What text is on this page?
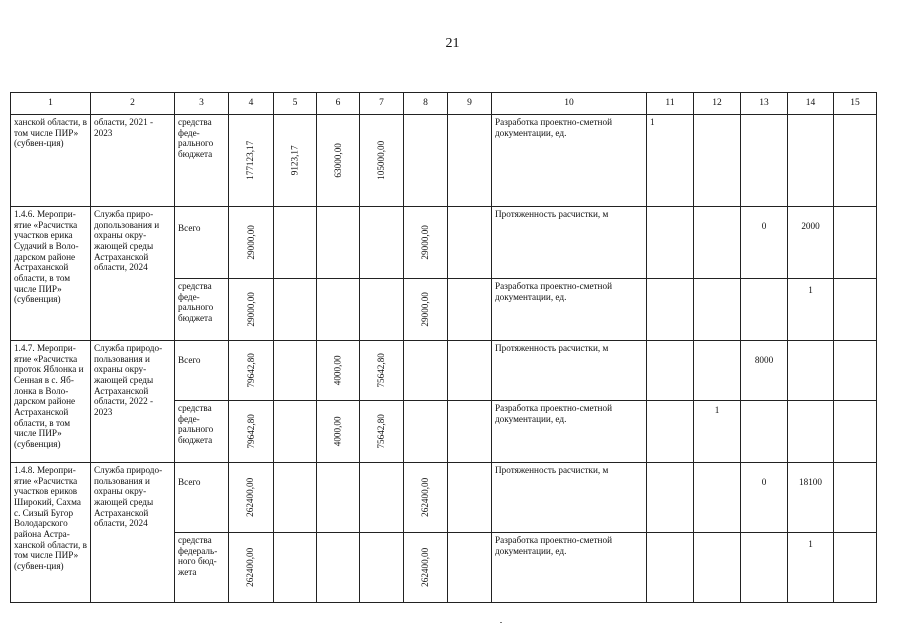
21
1	2	3	4	5	6	7	8	9	10	11	12	13	14	15
ханской области, в том числе ПИР» (субвен-ция)	области, 2021 - 2023	средства феде-рального бюджета	177123,17	9123,17	63000,00	105000,00			Разработка проектно-сметной документации, ед.	1				
1.4.6. Меропри-ятие «Расчистка участков ерика Судачий в Воло-дарском районе Астраханской области, в том числе ПИР» (субвенция)	Служба приро-допользования и охраны окру-жающей среды Астраханской области, 2024	Всего	29000,00				29000,00		Протяженность расчистки, м			0	2000	
		средства феде-рального бюджета	29000,00				29000,00		Разработка проектно-сметной документации, ед.				1	
1.4.7. Меропри-ятие «Расчистка проток Яблонка и Сенная в с. Яб-лонка в Воло-дарском районе Астраханской области, в том числе ПИР» (субвенция)	Служба природо-пользования и охраны окру-жающей среды Астраханской области, 2022 - 2023	Всего	79642,80		4000,00	75642,80			Протяженность расчистки, м			8000		
		средства феде-рального бюджета	79642,80		4000,00	75642,80			Разработка проектно-сметной документации, ед.		1			
1.4.8. Меропри-ятие «Расчистка участков ериков Широкий, Сахма с. Сизый Бугор Володарского района Астра-ханской области, в том числе ПИР» (субвен-ция)	Служба природо-пользования и охраны окру-жающей среды Астраханской области, 2024	Всего	262400,00				262400,00		Протяженность расчистки, м			0	18100	
		средства федераль-ного бюд-жета	262400,00				262400,00		Разработка проектно-сметной документации, ед.				1	
